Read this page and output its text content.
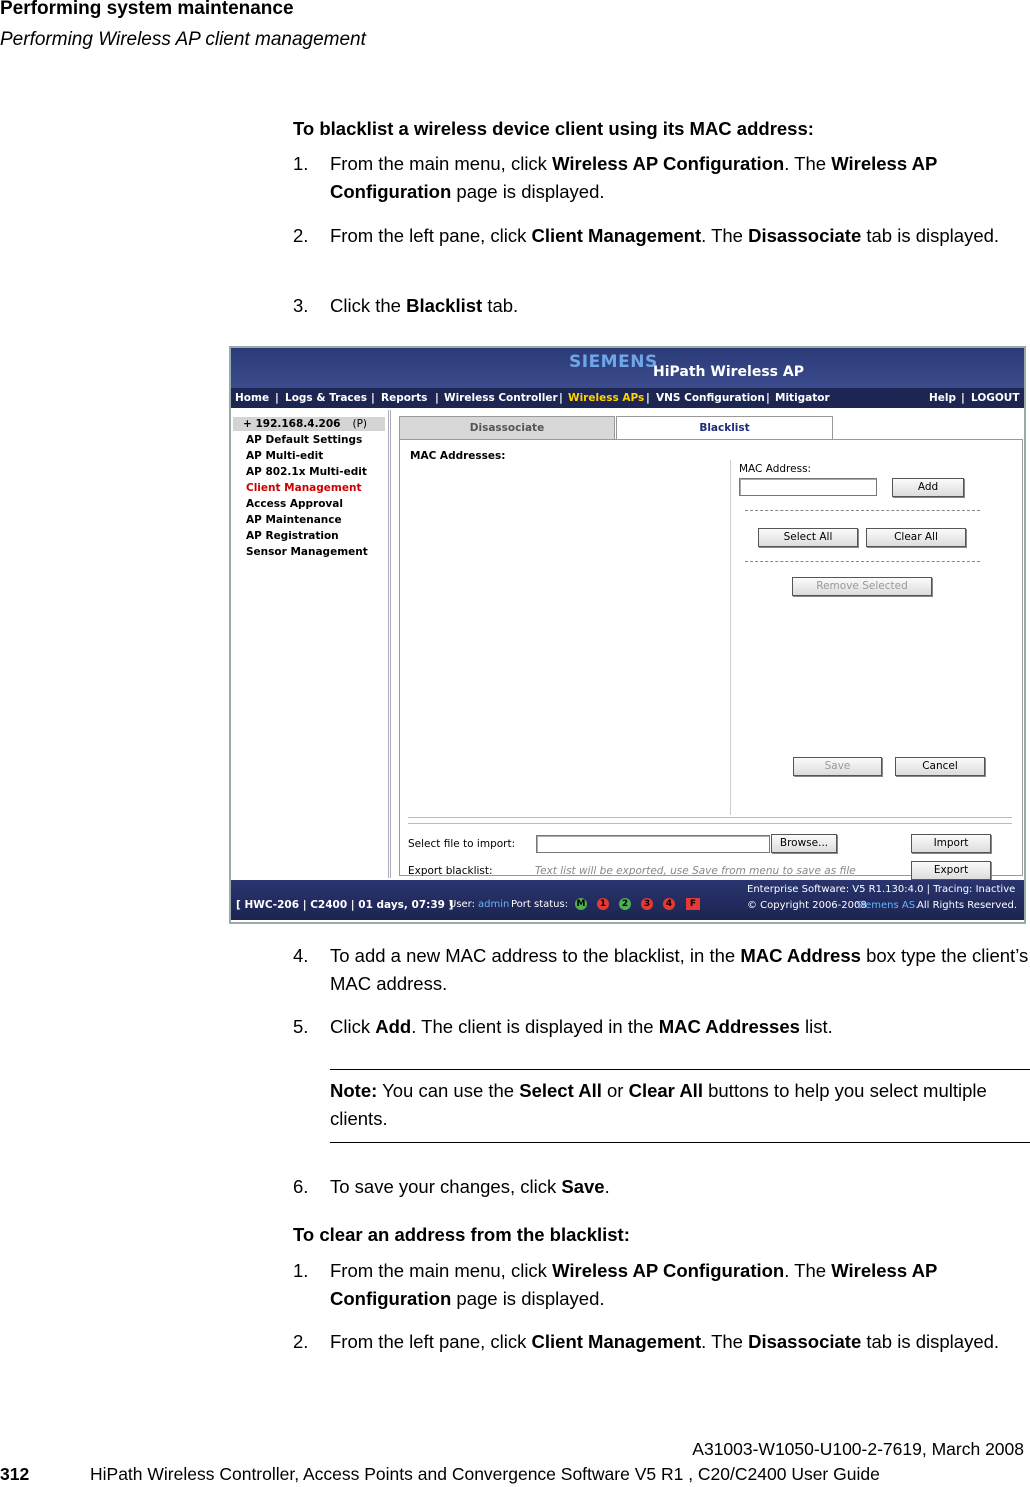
Performing system maintenance
Performing Wireless AP client management
To blacklist a wireless device client using its MAC address:
1. From the main menu, click Wireless AP Configuration. The Wireless AP Configuration page is displayed.
2. From the left pane, click Client Management. The Disassociate tab is displayed.
3. Click the Blacklist tab.
SIEMENS
HiPath Wireless AP
Home | Logs & Traces | Reports | Wireless Controller | Wireless APs | VNS Configuration | Mitigator	Help | LOGOUT
+ 192.168.4.206 (P)
AP Default Settings
AP Multi-edit
AP 802.1x Multi-edit
Client Management
Access Approval
AP Maintenance
AP Registration
Sensor Management
Disassociate	Blacklist
MAC Addresses:
MAC Address:
Add
Select All	Clear All
Remove Selected
Save	Cancel
Select file to import:	Browse...	Import
Export blacklist:	Text list will be exported, use Save from menu to save as file	Export
[ HWC-206 | C2400 | 01 days, 07:39 ]
User: admin Port status: M	1	2	3	4	F
Enterprise Software: V5 R1.130:4.0 | Tracing: Inactive
© Copyright 2006-2008
Siemens AS.
All Rights Reserved.
4. To add a new MAC address to the blacklist, in the MAC Address box type the client’s MAC address.
5. Click Add. The client is displayed in the MAC Addresses list.
Note: You can use the Select All or Clear All buttons to help you select multiple clients.
6. To save your changes, click Save.
To clear an address from the blacklist:
1. From the main menu, click Wireless AP Configuration. The Wireless AP Configuration page is displayed.
2. From the left pane, click Client Management. The Disassociate tab is displayed.
A31003-W1050-U100-2-7619, March 2008
312	HiPath Wireless Controller, Access Points and Convergence Software V5 R1 , C20/C2400 User Guide
